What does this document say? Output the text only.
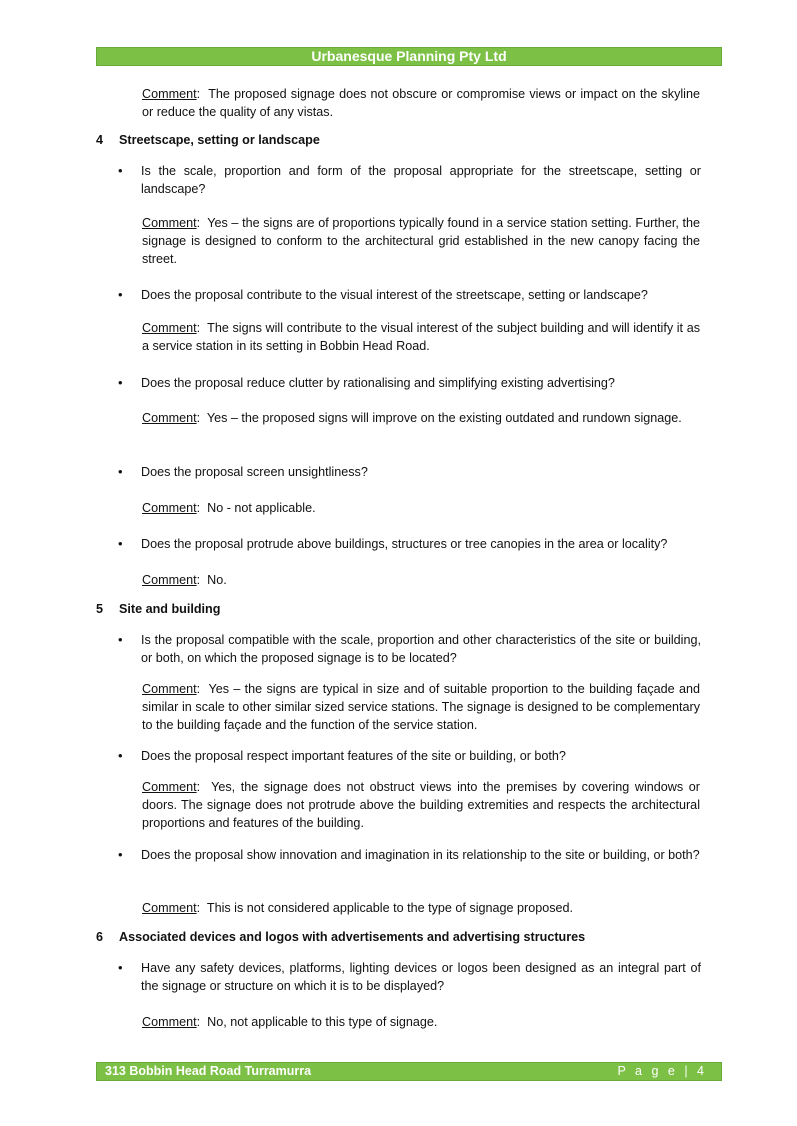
Urbanesque Planning Pty Ltd
Comment:  The proposed signage does not obscure or compromise views or impact on the skyline or reduce the quality of any vistas.
4 Streetscape, setting or landscape
• Is the scale, proportion and form of the proposal appropriate for the streetscape, setting or landscape?
Comment:  Yes – the signs are of proportions typically found in a service station setting. Further, the signage is designed to conform to the architectural grid established in the new canopy facing the street.
• Does the proposal contribute to the visual interest of the streetscape, setting or landscape?
Comment:  The signs will contribute to the visual interest of the subject building and will identify it as a service station in its setting in Bobbin Head Road.
• Does the proposal reduce clutter by rationalising and simplifying existing advertising?
Comment:  Yes – the proposed signs will improve on the existing outdated and rundown signage.
• Does the proposal screen unsightliness?
Comment:  No - not applicable.
• Does the proposal protrude above buildings, structures or tree canopies in the area or locality?
Comment:  No.
5 Site and building
• Is the proposal compatible with the scale, proportion and other characteristics of the site or building, or both, on which the proposed signage is to be located?
Comment:  Yes – the signs are typical in size and of suitable proportion to the building façade and similar in scale to other similar sized service stations. The signage is designed to be complementary to the building façade and the function of the service station.
• Does the proposal respect important features of the site or building, or both?
Comment:  Yes, the signage does not obstruct views into the premises by covering windows or doors. The signage does not protrude above the building extremities and respects the architectural proportions and features of the building.
• Does the proposal show innovation and imagination in its relationship to the site or building, or both?
Comment:  This is not considered applicable to the type of signage proposed.
6 Associated devices and logos with advertisements and advertising structures
• Have any safety devices, platforms, lighting devices or logos been designed as an integral part of the signage or structure on which it is to be displayed?
Comment:  No, not applicable to this type of signage.
313 Bobbin Head Road Turramurra	P a g e | 4
